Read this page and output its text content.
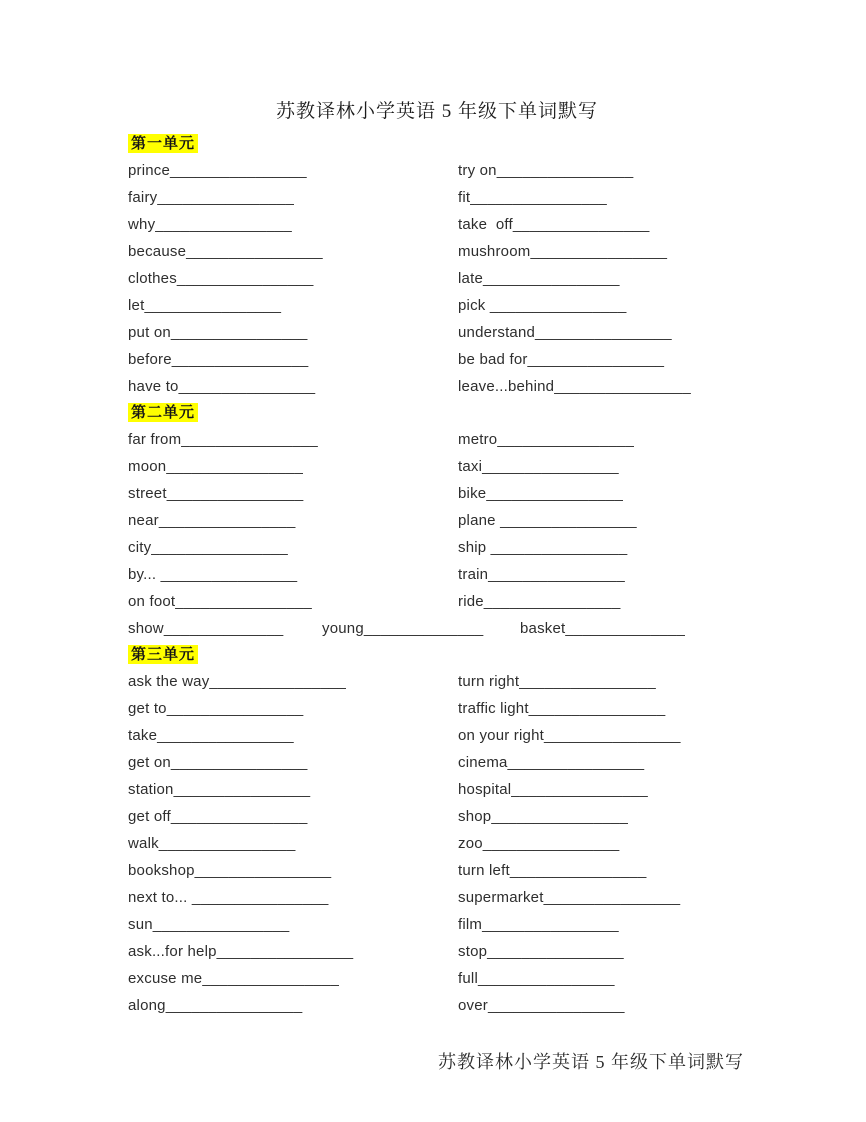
苏教译林小学英语 5 年级下单词默写
第一单元
prince________________	try on________________
fairy________________	fit________________
why________________	take  off________________
because________________	mushroom________________
clothes________________	late________________
let________________	pick ________________
put on________________	understand________________
before________________	be bad for________________
have to________________	leave...behind________________
第二单元
far from________________	metro________________
moon________________	taxi________________
street________________	bike________________
near________________	plane ________________
city________________	ship ________________
by... ________________	train________________
on foot________________	ride________________
show______________	young______________	basket______________
第三单元
ask the way________________	turn right________________
get to________________	traffic light________________
take________________	on your right________________
get on________________	cinema________________
station________________	hospital________________
get off________________	shop________________
walk________________	zoo________________
bookshop________________	turn left________________
next to... ________________	supermarket________________
sun________________	film________________
ask...for help________________	stop________________
excuse me________________	full________________
along________________	over________________
苏教译林小学英语 5 年级下单词默写
